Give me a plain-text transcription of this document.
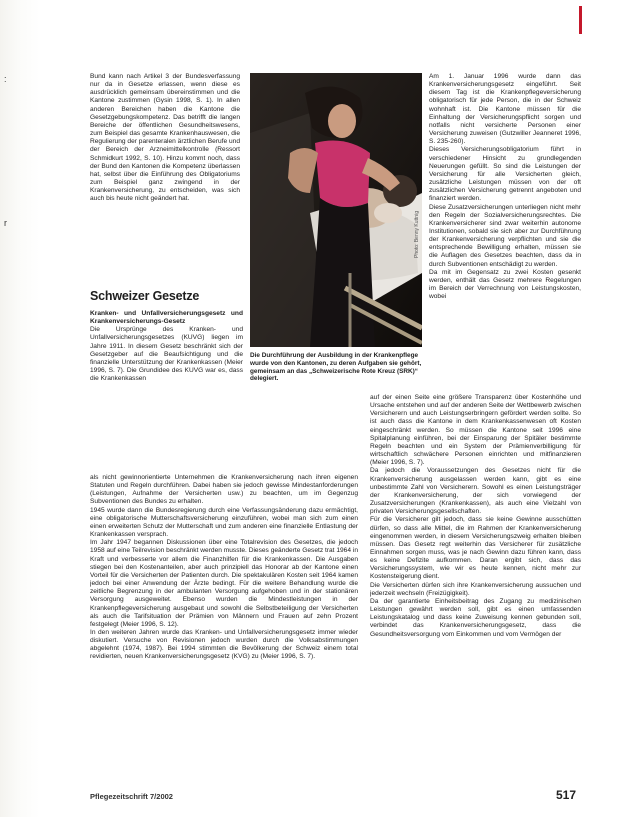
:
r

Bund kann nach Artikel 3 der Bundesverfassung nur da in Gesetze erlassen, wenn diese es ausdrücklich gemeinsam übereinstimmen und die Kantone zustimmen (Gysin 1998, S. 1). In allen anderen Bereichen haben die Kantone die Gesetzgebungskompetenz. Das betrifft die langen Bereiche der öffentlichen Gesundheitswesens, zum Beispiel das gesamte Krankenhauswesen, die Regulierung der parenteralen ärztlichen Berufe und der Bereich der Arzneimittelkontrolle (Ressort Schmidkurt 1992, S. 10). Hinzu kommt noch, dass der Bund den Kantonen die Kompetenz überlassen hat, selbst über die Einführung des Obligatoriums zum Beispiel ganz zwingend in der Krankenversicherung, zu entscheiden, was sich auch bis heute nicht geändert hat.

Schweizer Gesetze

Kranken- und Unfallversicherungsgesetz und Krankenversicherungs-Gesetz

Die Ursprünge des Kranken- und Unfallversicherungsgesetzes (KUVG) liegen im Jahre 1911. In diesem Gesetz beschränkt sich der Gesetzgeber auf die Beaufsichtigung und die finanzielle Unterstützung der Krankenkassen (Meier 1996, S. 7). Die Grundidee des KUVG war es, dass die Krankenkassen

Photo: Benny Kuttnig
Die Durchführung der Ausbildung in der Krankenpflege wurde von den Kantonen, zu deren Aufgaben sie gehört, gemeinsam an das „Schweizerische Rote Kreuz (SRK)“ delegiert.

Am 1. Januar 1996 wurde dann das Krankenversicherungsgesetz eingeführt. Seit diesem Tag ist die Krankenpflegeversicherung obligatorisch für jede Person, die in der Schweiz wohnhaft ist. Die Kantone müssen für die Einhaltung der Versicherungspflicht sorgen und notfalls nicht versicherte Personen einer Versicherung zuweisen (Gutzwiller Jeanneret 1996, S. 235-260).

Dieses Versicherungsobligatorium führt in verschiedener Hinsicht zu grundlegenden Neuerungen gefüllt. So sind die Leistungen der Versicherung für alle Versicherten gleich, zusätzliche Leistungen müssen von der oft zusätzlichen Versicherung getrennt angeboten und finanziert werden.

Diese Zusatzversicherungen unterliegen nicht mehr den Regeln der Sozialversicherungsrechtes. Die Krankenversicherer sind zwar weiterhin autonome Institutionen, sobald sie sich aber zur Durchführung der Krankenversicherung verpflichten und sie die entsprechende Bewilligung erhalten, müssen sie die Auflagen des Gesetzes beachten, dass da in durch Subventionen entschädigt zu werden.

Da mit im Gegensatz zu zwei Kosten gesenkt werden, enthält das Gesetz mehrere Regelungen im Bereich der Verrechnung von Leistungskosten, wobei

als nicht gewinnorientierte Unternehmen die Krankenversicherung nach ihren eigenen Statuten und Regeln durchführen. Dabei haben sie jedoch gewisse Mindestanforderungen (Leistungen, Aufnahme der Versicherten usw.) zu beachten, um im Gegenzug Subventionen des Bundes zu erhalten.

1945 wurde dann die Bundesregierung durch eine Verfassungsänderung dazu ermächtigt, eine obligatorische Mutterschaftsversicherung einzuführen, wobei man sich zum einen einen erweiterten Schutz der Mutterschaft und zum anderen eine finanzielle Entlastung der Krankenkassen versprach.

Im Jahr 1947 begannen Diskussionen über eine Totalrevision des Gesetzes, die jedoch 1958 auf eine Teilrevision beschränkt werden musste. Dieses geänderte Gesetz trat 1964 in Kraft und verbesserte vor allem die Finanzhilfen für die Krankenkassen. Die Ausgaben stiegen bei den Kostenanteilen, aber auch prinzipiell das Honorar ab der Kantone einen Vorteil für die Versicherten der Patienten durch. Die spektakulären Kosten seit 1964 kamen jedoch bei einer Anwendung der Ärzte bedingt. Für die weitere Behandlung wurde die zeitliche Begrenzung in der ambulanten Versorgung aufgehoben und in der stationären Versorgung ausgeweitet. Ebenso wurden die Mindestleistungen in der Krankenpflegeversicherung ausgebaut und sowohl die Selbstbeteiligung der Versicherten als auch die Tarifsituation der Prämien von Männern und Frauen auf zehn Prozent festgelegt (Meier 1996, S. 12).

In den weiteren Jahren wurde das Kranken- und Unfallversicherungsgesetz immer wieder diskutiert. Versuche von Revisionen jedoch wurden durch die Volksabstimmungen abgelehnt (1974, 1987). Bei 1994 stimmten die Bevölkerung der Schweiz einem total revidierten, neuen Krankenversicherungsgesetz (KVG) zu (Meier 1996, S. 7).

auf der einen Seite eine größere Transparenz über Kostenhöhe und Ursache entstehen und auf der anderen Seite der Wettbewerb zwischen Versicherern und auch Leistungserbringern gefördert werden sollte. So ist auch dass die Kantone in dem Krankenkassenwesen oft Kosten eingeschränkt werden. So müssen die Kantone seit 1996 eine Spitalplanung einführen, bei der Einsparung der Spitäler bestimmte Regeln beachten und ein System der Prämienverbilligung für wirtschaftlich schwächere Personen einrichten und mitfinanzieren (Meier 1996, S. 7).

Da jedoch die Voraussetzungen des Gesetzes nicht für die Krankenversicherung ausgelassen werden kann, gibt es eine unbestimmte Zahl von Versicherern. Sowohl es einen Leistungsträger der Krankenversicherung, der sich vorwiegend der Zusatzversicherungen (Krankenkassen), als auch eine Vielzahl von privaten Versicherungsgesellschaften.

Für die Versicherer gilt jedoch, dass sie keine Gewinne ausschütten dürfen, so dass alle Mittel, die im Rahmen der Krankenversicherung eingenommen werden, in diesem Versicherungszweig erhalten bleiben müssen. Das Gesetz regt weiterhin das Versicherer für zusätzliche Einnahmen sorgen muss, was je nach Gewinn dazu führen kann, dass es keine Defizite aufkommen. Daran ergibt sich, dass das Versicherungssystem, wie wir es heute kennen, nicht mehr zur Kostensteigerung dient.

Die Versicherten dürfen sich ihre Krankenversicherung aussuchen und jederzeit wechseln (Freizügigkeit).

Da der garantierte Einheitsbeitrag des Zugang zu medizinischen Leistungen gewährt werden soll, gibt es einen umfassenden Leistungskatalog und dass keine Zuweisung kennen gebunden soll, verbindet das Krankenversicherungsgesetz, dass die Gesundheitsversorgung vom Einkommen und vom Vermögen der

Pflegezeitschrift 7/2002	517
